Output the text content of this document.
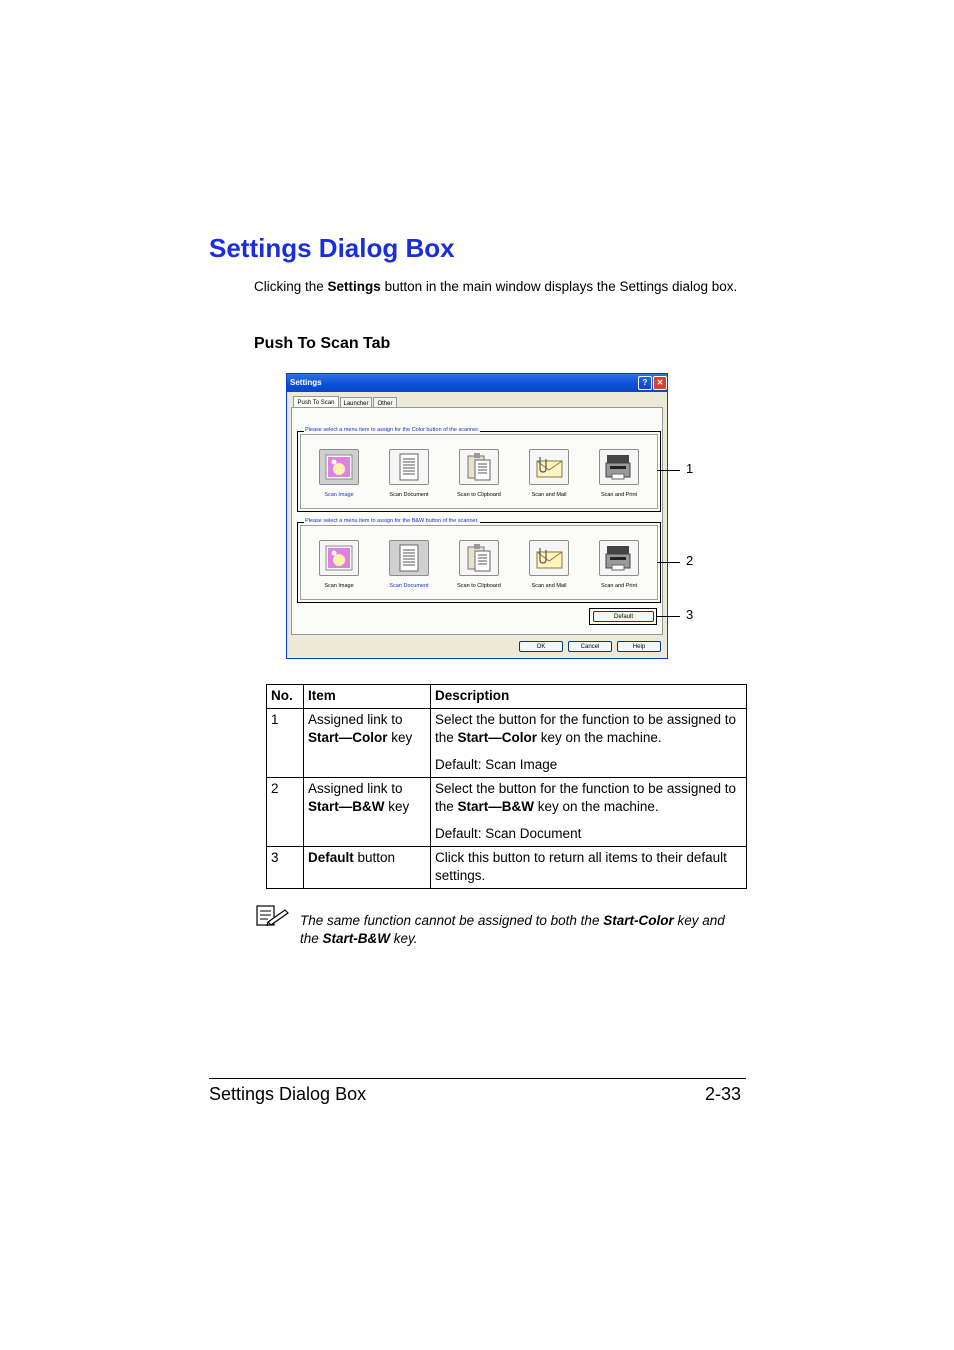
Settings Dialog Box

Clicking the Settings button in the main window displays the Settings dialog box.

Push To Scan Tab
Settings	?	✕
Push To Scan	Launcher	Other
Please select a menu item to assign for the Color button of the scanner.
Scan Image	Scan Document	Scan to Clipboard	Scan and Mail	Scan and Print
Please select a menu item to assign for the B&W button of the scanner.
Scan Image	Scan Document	Scan to Clipboard	Scan and Mail	Scan and Print
Default
OK	Cancel	Help
1
2
3
No.	Item	Description
1	Assigned link to Start—Color key	Select the button for the function to be assigned to the Start—Color key on the machine.

Default: Scan Image

2	Assigned link to Start—B&W key	Select the button for the function to be assigned to the Start—B&W key on the machine.

Default: Scan Document

3	Default button	Click this button to return all items to their default settings.

The same function cannot be assigned to both the Start-Color key and the Start-B&W key.

Settings Dialog Box	2-33
